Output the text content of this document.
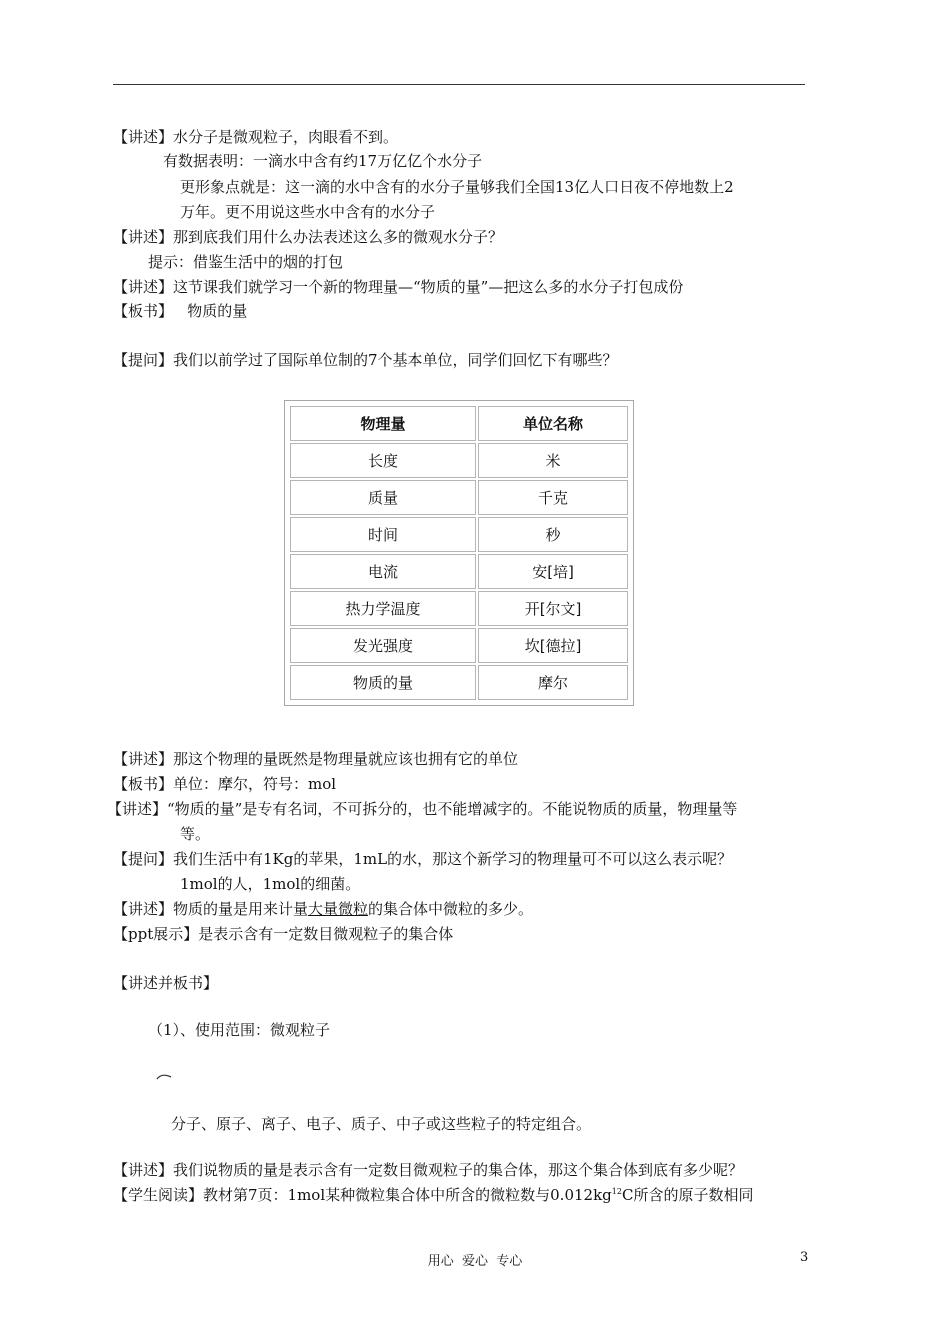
【讲述】水分子是微观粒子，肉眼看不到。
有数据表明：一滴水中含有约17万亿亿个水分子
更形象点就是：这一滴的水中含有的水分子量够我们全国13亿人口日夜不停地数上2
万年。更不用说这些水中含有的水分子
【讲述】那到底我们用什么办法表述这么多的微观水分子？
提示：借鉴生活中的烟的打包
【讲述】这节课我们就学习一个新的物理量—“物质的量”—把这么多的水分子打包成份
【板书】   物质的量
【提问】我们以前学过了国际单位制的7个基本单位，同学们回忆下有哪些？
物理量	单位名称
长度	米
质量	千克
时间	秒
电流	安[培]
热力学温度	开[尔文]
发光强度	坎[德拉]
物质的量	摩尔
【讲述】那这个物理的量既然是物理量就应该也拥有它的单位
【板书】单位：摩尔，符号：mol
【讲述】“物质的量”是专有名词，不可拆分的，也不能增减字的。不能说物质的质量，物理量等
等。
【提问】我们生活中有1Kg的苹果，1mL的水，那这个新学习的物理量可不可以这么表示呢？
1mol的人，1mol的细菌。
【讲述】物质的量是用来计量大量微粒的集合体中微粒的多少。
【ppt展示】是表示含有一定数目微观粒子的集合体
【讲述并板书】
（1）、使用范围：微观粒子
分子、原子、离子、电子、质子、中子或这些粒子的特定组合。
【讲述】我们说物质的量是表示含有一定数目微观粒子的集合体，那这个集合体到底有多少呢？
【学生阅读】教材第7页：1mol某种微粒集合体中所含的微粒数与$0.012kg^{12}C$所含的原子数相同
用心  爱心  专心	3
